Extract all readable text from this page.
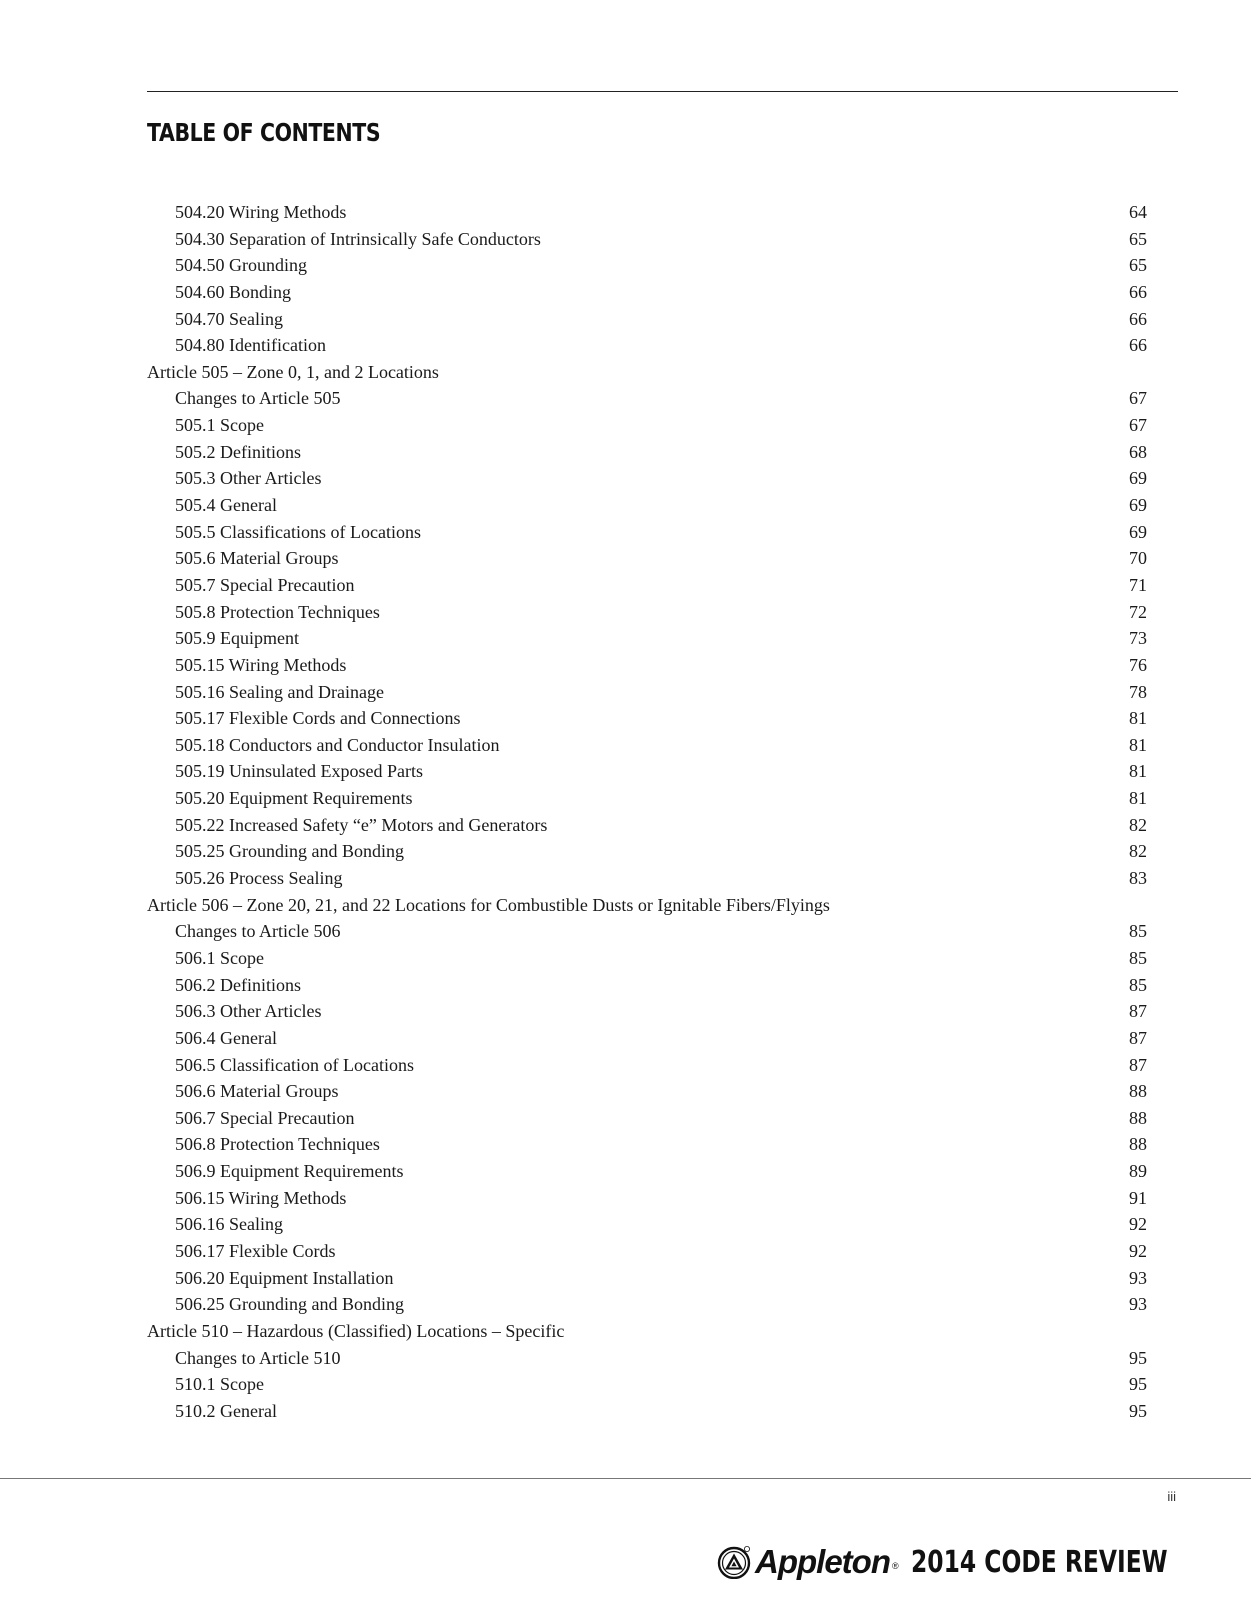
TABLE OF CONTENTS
504.20 Wiring Methods	64
504.30 Separation of Intrinsically Safe Conductors	65
504.50 Grounding	65
504.60 Bonding	66
504.70 Sealing	66
504.80 Identification	66
Article 505 – Zone 0, 1, and 2 Locations
Changes to Article 505	67
505.1 Scope	67
505.2 Definitions	68
505.3 Other Articles	69
505.4 General	69
505.5 Classifications of Locations	69
505.6 Material Groups	70
505.7 Special Precaution	71
505.8 Protection Techniques	72
505.9 Equipment	73
505.15 Wiring Methods	76
505.16 Sealing and Drainage	78
505.17 Flexible Cords and Connections	81
505.18 Conductors and Conductor Insulation	81
505.19 Uninsulated Exposed Parts	81
505.20 Equipment Requirements	81
505.22 Increased Safety “e” Motors and Generators	82
505.25 Grounding and Bonding	82
505.26 Process Sealing	83
Article 506 – Zone 20, 21, and 22 Locations for Combustible Dusts or Ignitable Fibers/Flyings
Changes to Article 506	85
506.1 Scope	85
506.2 Definitions	85
506.3 Other Articles	87
506.4 General	87
506.5 Classification of Locations	87
506.6 Material Groups	88
506.7 Special Precaution	88
506.8 Protection Techniques	88
506.9 Equipment Requirements	89
506.15 Wiring Methods	91
506.16 Sealing	92
506.17 Flexible Cords	92
506.20 Equipment Installation	93
506.25 Grounding and Bonding	93
Article 510 – Hazardous (Classified) Locations – Specific
Changes to Article 510	95
510.1 Scope	95
510.2 General	95
iii
Appleton ® 2014 CODE REVIEW
